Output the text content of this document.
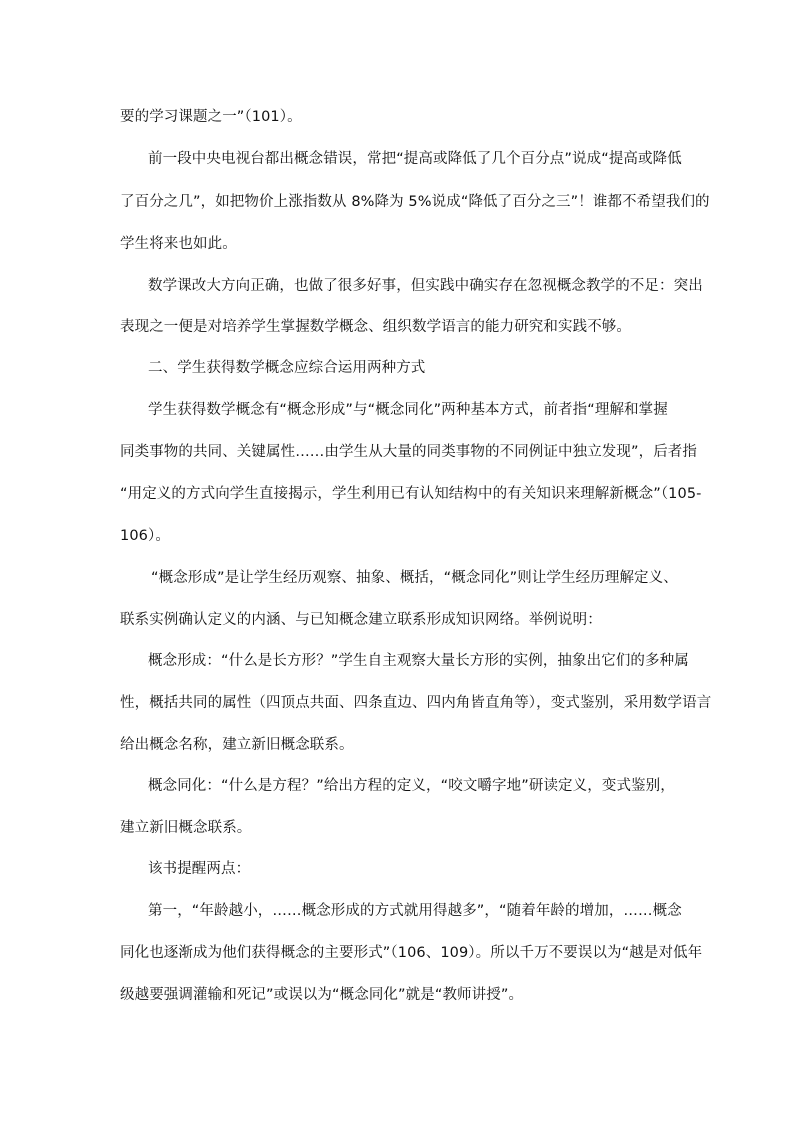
要的学习课题之一”（101）。
前一段中央电视台都出概念错误，常把“提高或降低了几个百分点”说成“提高或降低
了百分之几”，如把物价上涨指数从 8%降为 5%说成“降低了百分之三”！谁都不希望我们的
学生将来也如此。
数学课改大方向正确，也做了很多好事，但实践中确实存在忽视概念教学的不足：突出
表现之一便是对培养学生掌握数学概念、组织数学语言的能力研究和实践不够。
二、学生获得数学概念应综合运用两种方式
学生获得数学概念有“概念形成”与“概念同化”两种基本方式，前者指“理解和掌握
同类事物的共同、关键属性……由学生从大量的同类事物的不同例证中独立发现”，后者指
“用定义的方式向学生直接揭示，学生利用已有认知结构中的有关知识来理解新概念”（105-
106）。
“概念形成”是让学生经历观察、抽象、概括，“概念同化”则让学生经历理解定义、
联系实例确认定义的内涵、与已知概念建立联系形成知识网络。举例说明：
概念形成：“什么是长方形？”学生自主观察大量长方形的实例，抽象出它们的多种属
性，概括共同的属性（四顶点共面、四条直边、四内角皆直角等），变式鉴别，采用数学语言
给出概念名称，建立新旧概念联系。
概念同化：“什么是方程？”给出方程的定义，“咬文嚼字地”研读定义，变式鉴别，
建立新旧概念联系。
该书提醒两点：
第一，“年龄越小，……概念形成的方式就用得越多”，“随着年龄的增加，……概念
同化也逐渐成为他们获得概念的主要形式”（106、109）。所以千万不要误以为“越是对低年
级越要强调灌输和死记”或误以为“概念同化”就是“教师讲授”。
